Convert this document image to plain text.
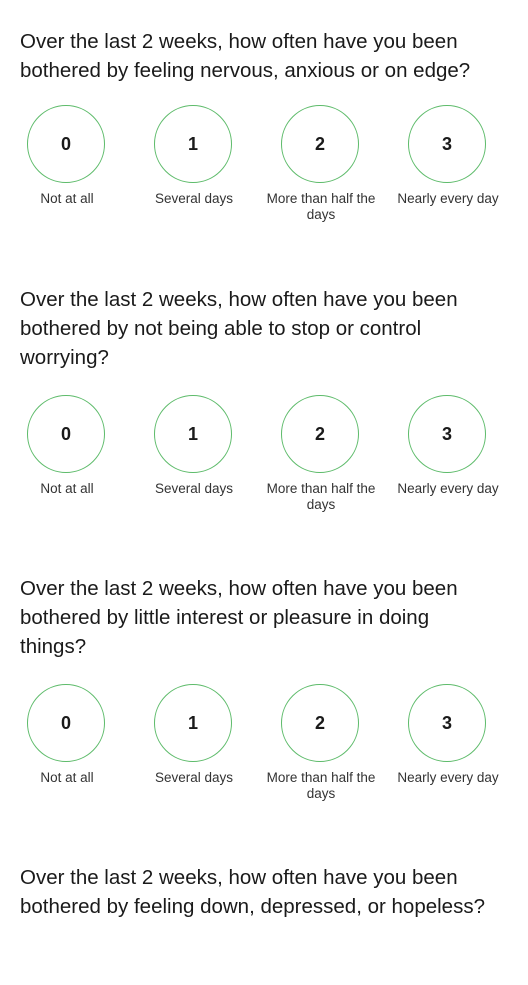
Over the last 2 weeks, how often have you been bothered by feeling nervous, anxious or on edge?

0
Not at all
1
Several days
2
More than half the days
3
Nearly every day

Over the last 2 weeks, how often have you been bothered by not being able to stop or control worrying?

0
Not at all
1
Several days
2
More than half the days
3
Nearly every day

Over the last 2 weeks, how often have you been bothered by little interest or pleasure in doing things?

0
Not at all
1
Several days
2
More than half the days
3
Nearly every day

Over the last 2 weeks, how often have you been bothered by feeling down, depressed, or hopeless?
